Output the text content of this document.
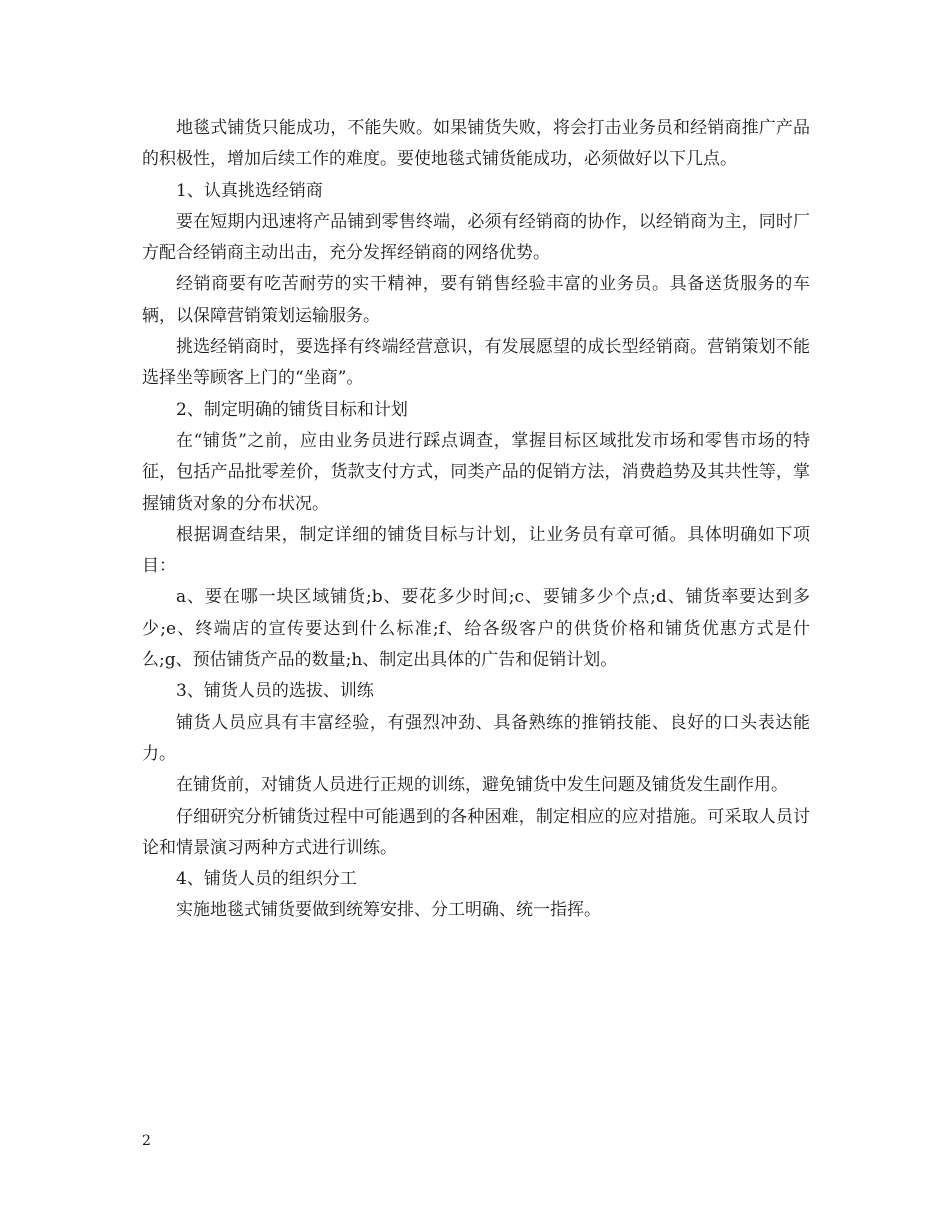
地毯式铺货只能成功，不能失败。如果铺货失败，将会打击业务员和经销商推广产品的积极性，增加后续工作的难度。要使地毯式铺货能成功，必须做好以下几点。

1、认真挑选经销商

要在短期内迅速将产品铺到零售终端，必须有经销商的协作，以经销商为主，同时厂方配合经销商主动出击，充分发挥经销商的网络优势。

经销商要有吃苦耐劳的实干精神，要有销售经验丰富的业务员。具备送货服务的车辆，以保障营销策划运输服务。

挑选经销商时，要选择有终端经营意识，有发展愿望的成长型经销商。营销策划不能选择坐等顾客上门的“坐商”。

2、制定明确的铺货目标和计划

在“铺货”之前，应由业务员进行踩点调查，掌握目标区域批发市场和零售市场的特征，包括产品批零差价，货款支付方式，同类产品的促销方法，消费趋势及其共性等，掌握铺货对象的分布状况。

根据调查结果，制定详细的铺货目标与计划，让业务员有章可循。具体明确如下项目：

a、要在哪一块区域铺货;b、要花多少时间;c、要铺多少个点;d、铺货率要达到多少;e、终端店的宣传要达到什么标准;f、给各级客户的供货价格和铺货优惠方式是什么;g、预估铺货产品的数量;h、制定出具体的广告和促销计划。

3、铺货人员的选拔、训练

铺货人员应具有丰富经验，有强烈冲劲、具备熟练的推销技能、良好的口头表达能力。

在铺货前，对铺货人员进行正规的训练，避免铺货中发生问题及铺货发生副作用。

仔细研究分析铺货过程中可能遇到的各种困难，制定相应的应对措施。可采取人员讨论和情景演习两种方式进行训练。

4、铺货人员的组织分工

实施地毯式铺货要做到统筹安排、分工明确、统一指挥。

2
